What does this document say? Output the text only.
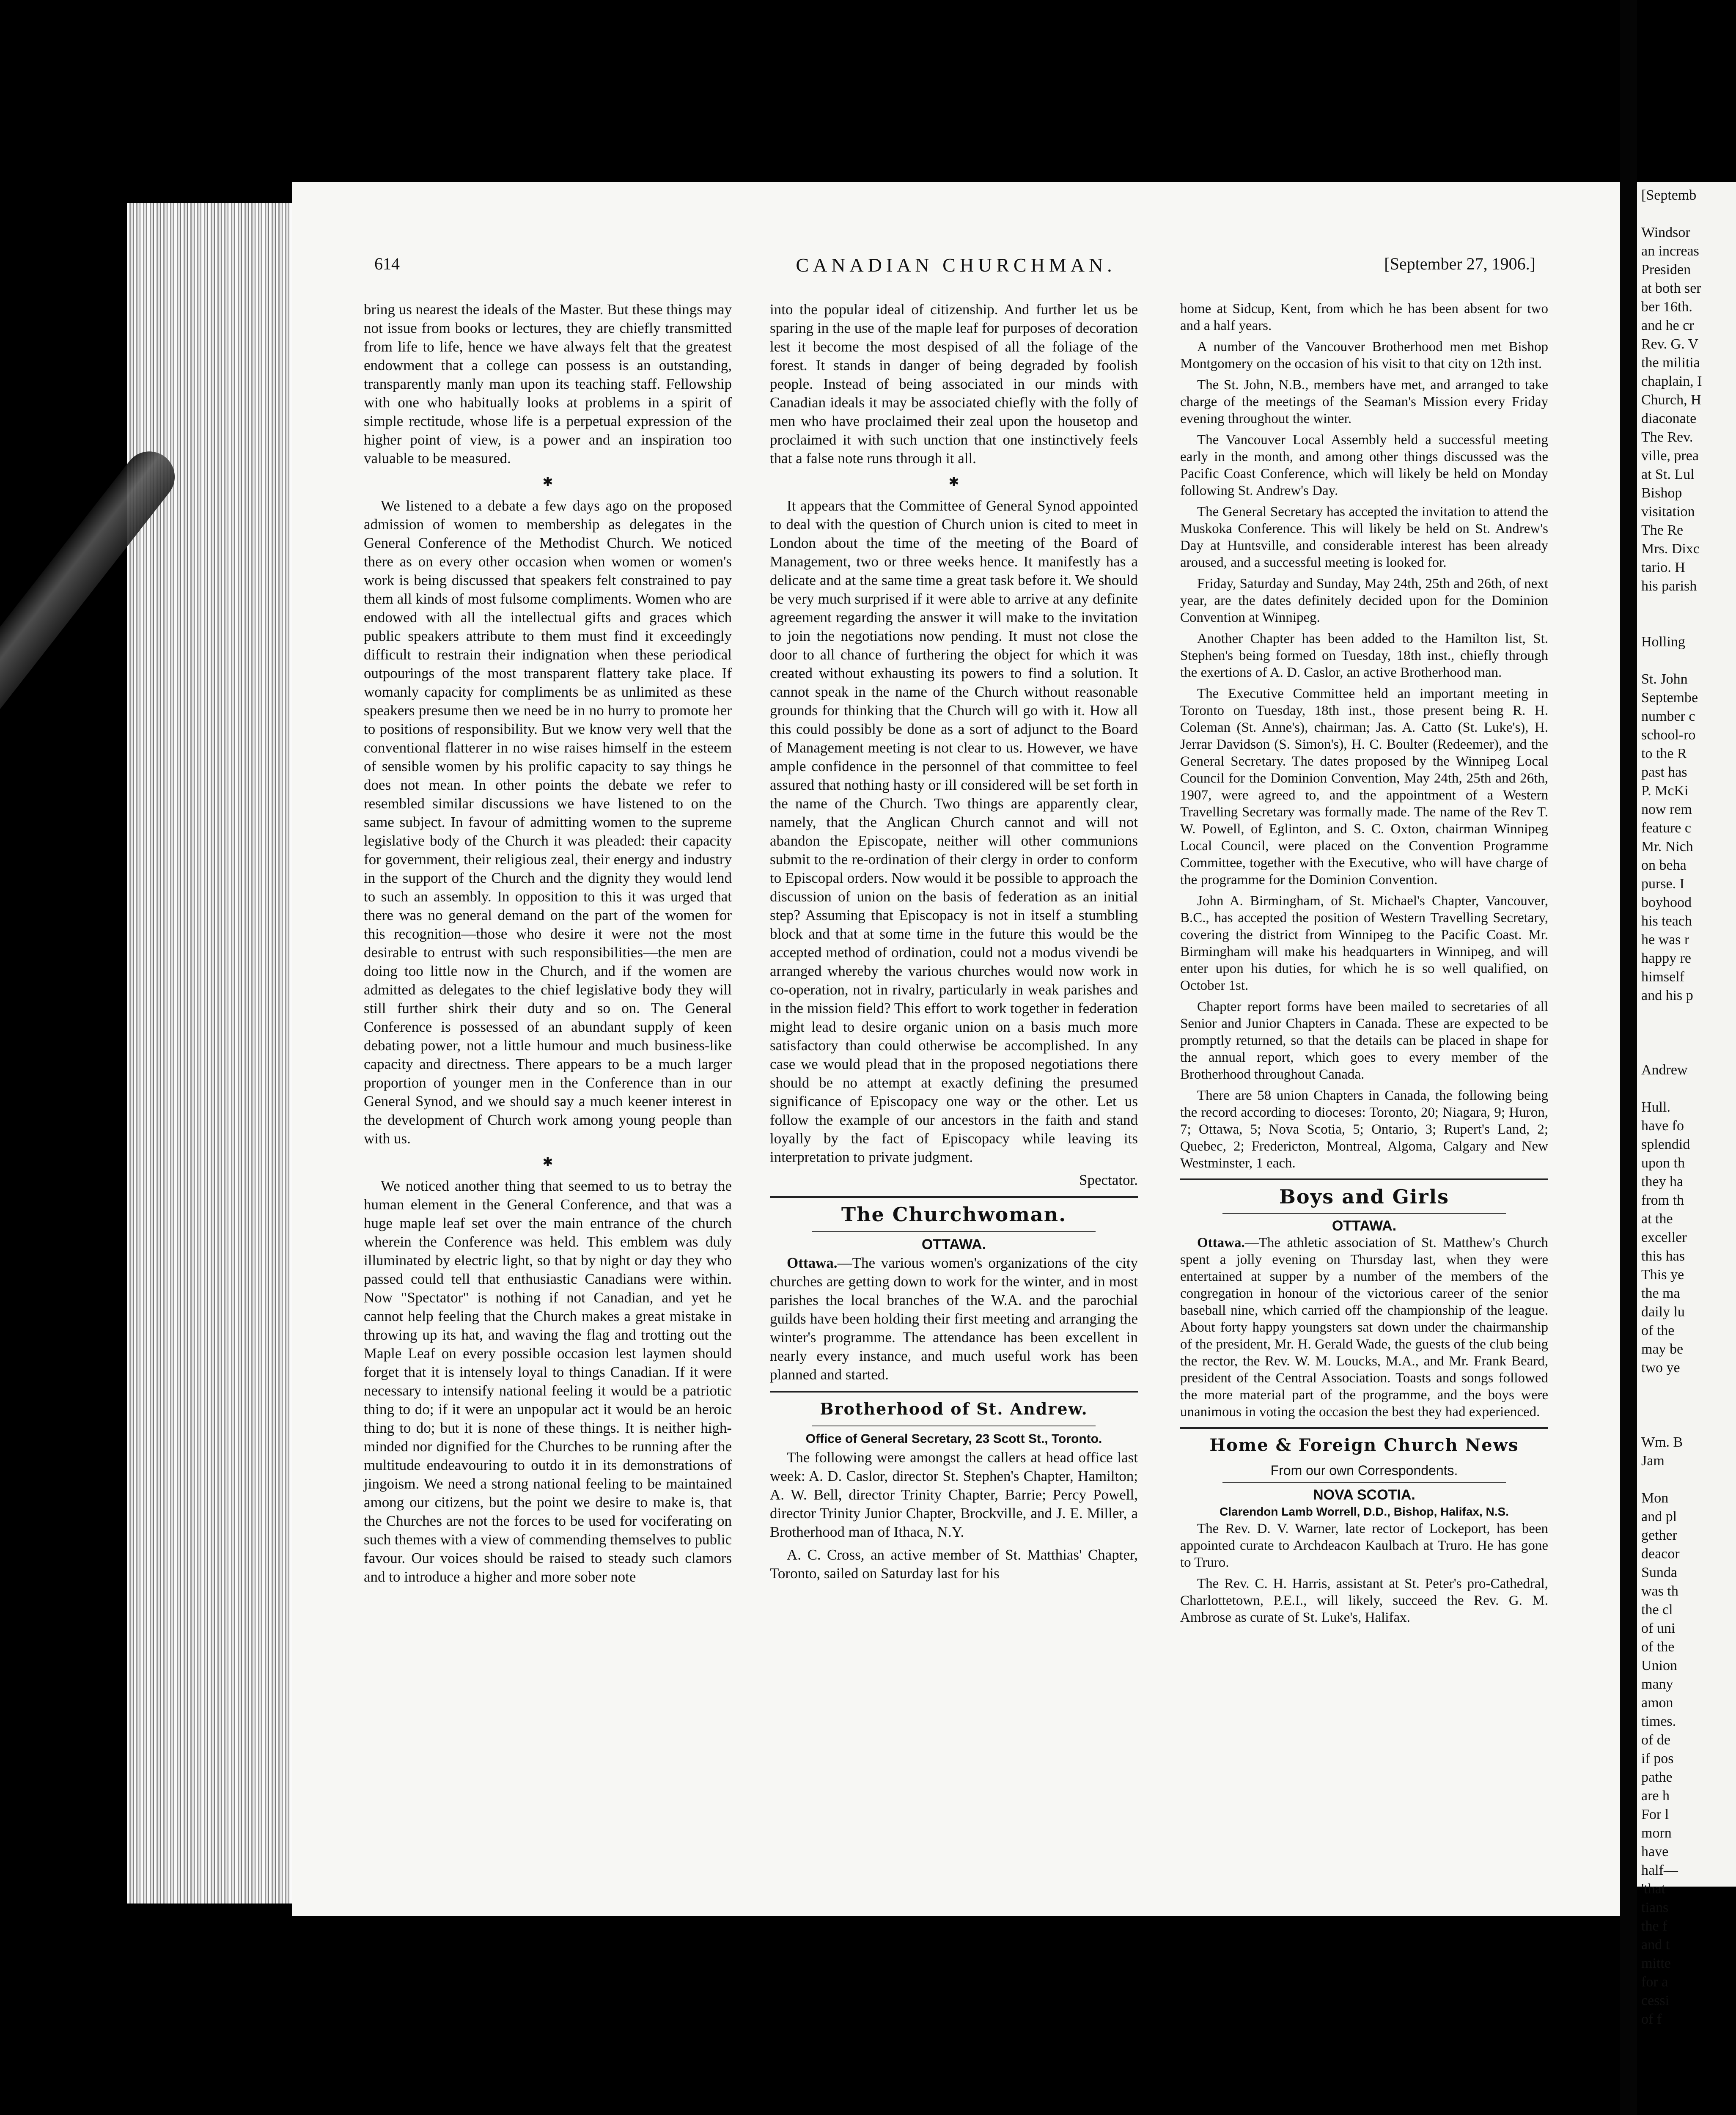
614	CANADIAN CHURCHMAN.	[September 27, 1906.]

bring us nearest the ideals of the Master. But these things may not issue from books or lectures, they are chiefly transmitted from life to life, hence we have always felt that the greatest endowment that a college can possess is an outstanding, transparently manly man upon its teaching staff. Fellowship with one who habitually looks at problems in a spirit of simple rectitude, whose life is a perpetual expression of the higher point of view, is a power and an inspiration too valuable to be measured.

✱

We listened to a debate a few days ago on the proposed admission of women to membership as delegates in the General Conference of the Methodist Church. We noticed there as on every other occasion when women or women's work is being discussed that speakers felt constrained to pay them all kinds of most fulsome compliments. Women who are endowed with all the intellectual gifts and graces which public speakers attribute to them must find it exceedingly difficult to restrain their indignation when these periodical outpourings of the most transparent flattery take place. If womanly capacity for compliments be as unlimited as these speakers presume then we need be in no hurry to promote her to positions of responsibility. But we know very well that the conventional flatterer in no wise raises himself in the esteem of sensible women by his prolific capacity to say things he does not mean. In other points the debate we refer to resembled similar discussions we have listened to on the same subject. In favour of admitting women to the supreme legislative body of the Church it was pleaded: their capacity for government, their religious zeal, their energy and industry in the support of the Church and the dignity they would lend to such an assembly. In opposition to this it was urged that there was no general demand on the part of the women for this recognition—those who desire it were not the most desirable to entrust with such responsibilities—the men are doing too little now in the Church, and if the women are admitted as delegates to the chief legislative body they will still further shirk their duty and so on. The General Conference is possessed of an abundant supply of keen debating power, not a little humour and much business-like capacity and directness. There appears to be a much larger proportion of younger men in the Conference than in our General Synod, and we should say a much keener interest in the development of Church work among young people than with us.

✱

We noticed another thing that seemed to us to betray the human element in the General Conference, and that was a huge maple leaf set over the main entrance of the church wherein the Conference was held. This emblem was duly illuminated by electric light, so that by night or day they who passed could tell that enthusiastic Canadians were within. Now "Spectator" is nothing if not Canadian, and yet he cannot help feeling that the Church makes a great mistake in throwing up its hat, and waving the flag and trotting out the Maple Leaf on every possible occasion lest laymen should forget that it is intensely loyal to things Canadian. If it were necessary to intensify national feeling it would be a patriotic thing to do; if it were an unpopular act it would be an heroic thing to do; but it is none of these things. It is neither high-minded nor dignified for the Churches to be running after the multitude endeavouring to outdo it in its demonstrations of jingoism. We need a strong national feeling to be maintained among our citizens, but the point we desire to make is, that the Churches are not the forces to be used for vociferating on such themes with a view of commending themselves to public favour. Our voices should be raised to steady such clamors and to introduce a higher and more sober note

into the popular ideal of citizenship. And further let us be sparing in the use of the maple leaf for purposes of decoration lest it become the most despised of all the foliage of the forest. It stands in danger of being degraded by foolish people. Instead of being associated in our minds with Canadian ideals it may be associated chiefly with the folly of men who have proclaimed their zeal upon the housetop and proclaimed it with such unction that one instinctively feels that a false note runs through it all.

✱

It appears that the Committee of General Synod appointed to deal with the question of Church union is cited to meet in London about the time of the meeting of the Board of Management, two or three weeks hence. It manifestly has a delicate and at the same time a great task before it. We should be very much surprised if it were able to arrive at any definite agreement regarding the answer it will make to the invitation to join the negotiations now pending. It must not close the door to all chance of furthering the object for which it was created without exhausting its powers to find a solution. It cannot speak in the name of the Church without reasonable grounds for thinking that the Church will go with it. How all this could possibly be done as a sort of adjunct to the Board of Management meeting is not clear to us. However, we have ample confidence in the personnel of that committee to feel assured that nothing hasty or ill considered will be set forth in the name of the Church. Two things are apparently clear, namely, that the Anglican Church cannot and will not abandon the Episcopate, neither will other communions submit to the re-ordination of their clergy in order to conform to Episcopal orders. Now would it be possible to approach the discussion of union on the basis of federation as an initial step? Assuming that Episcopacy is not in itself a stumbling block and that at some time in the future this would be the accepted method of ordination, could not a modus vivendi be arranged whereby the various churches would now work in co-operation, not in rivalry, particularly in weak parishes and in the mission field? This effort to work together in federation might lead to desire organic union on a basis much more satisfactory than could otherwise be accomplished. In any case we would plead that in the proposed negotiations there should be no attempt at exactly defining the presumed significance of Episcopacy one way or the other. Let us follow the example of our ancestors in the faith and stand loyally by the fact of Episcopacy while leaving its interpretation to private judgment.

Spectator.
The Churchwoman.
OTTAWA.

Ottawa.—The various women's organizations of the city churches are getting down to work for the winter, and in most parishes the local branches of the W.A. and the parochial guilds have been holding their first meeting and arranging the winter's programme. The attendance has been excellent in nearly every instance, and much useful work has been planned and started.

Brotherhood of St. Andrew.
Office of General Secretary, 23 Scott St., Toronto.

The following were amongst the callers at head office last week: A. D. Caslor, director St. Stephen's Chapter, Hamilton; A. W. Bell, director Trinity Chapter, Barrie; Percy Powell, director Trinity Junior Chapter, Brockville, and J. E. Miller, a Brotherhood man of Ithaca, N.Y.

A. C. Cross, an active member of St. Matthias' Chapter, Toronto, sailed on Saturday last for his

home at Sidcup, Kent, from which he has been absent for two and a half years.

A number of the Vancouver Brotherhood men met Bishop Montgomery on the occasion of his visit to that city on 12th inst.

The St. John, N.B., members have met, and arranged to take charge of the meetings of the Seaman's Mission every Friday evening throughout the winter.

The Vancouver Local Assembly held a successful meeting early in the month, and among other things discussed was the Pacific Coast Conference, which will likely be held on Monday following St. Andrew's Day.

The General Secretary has accepted the invitation to attend the Muskoka Conference. This will likely be held on St. Andrew's Day at Huntsville, and considerable interest has been already aroused, and a successful meeting is looked for.

Friday, Saturday and Sunday, May 24th, 25th and 26th, of next year, are the dates definitely decided upon for the Dominion Convention at Winnipeg.

Another Chapter has been added to the Hamilton list, St. Stephen's being formed on Tuesday, 18th inst., chiefly through the exertions of A. D. Caslor, an active Brotherhood man.

The Executive Committee held an important meeting in Toronto on Tuesday, 18th inst., those present being R. H. Coleman (St. Anne's), chairman; Jas. A. Catto (St. Luke's), H. Jerrar Davidson (S. Simon's), H. C. Boulter (Redeemer), and the General Secretary. The dates proposed by the Winnipeg Local Council for the Dominion Convention, May 24th, 25th and 26th, 1907, were agreed to, and the appointment of a Western Travelling Secretary was formally made. The name of the Rev T. W. Powell, of Eglinton, and S. C. Oxton, chairman Winnipeg Local Council, were placed on the Convention Programme Committee, together with the Executive, who will have charge of the programme for the Dominion Convention.

John A. Birmingham, of St. Michael's Chapter, Vancouver, B.C., has accepted the position of Western Travelling Secretary, covering the district from Winnipeg to the Pacific Coast. Mr. Birmingham will make his headquarters in Winnipeg, and will enter upon his duties, for which he is so well qualified, on October 1st.

Chapter report forms have been mailed to secretaries of all Senior and Junior Chapters in Canada. These are expected to be promptly returned, so that the details can be placed in shape for the annual report, which goes to every member of the Brotherhood throughout Canada.

There are 58 union Chapters in Canada, the following being the record according to dioceses: Toronto, 20; Niagara, 9; Huron, 7; Ottawa, 5; Nova Scotia, 5; Ontario, 3; Rupert's Land, 2; Quebec, 2; Fredericton, Montreal, Algoma, Calgary and New Westminster, 1 each.

Boys and Girls
OTTAWA.

Ottawa.—The athletic association of St. Matthew's Church spent a jolly evening on Thursday last, when they were entertained at supper by a number of the members of the congregation in honour of the victorious career of the senior baseball nine, which carried off the championship of the league. About forty happy youngsters sat down under the chairmanship of the president, Mr. H. Gerald Wade, the guests of the club being the rector, the Rev. W. M. Loucks, M.A., and Mr. Frank Beard, president of the Central Association. Toasts and songs followed the more material part of the programme, and the boys were unanimous in voting the occasion the best they had experienced.

Home & Foreign Church News
From our own Correspondents.
NOVA SCOTIA.
Clarendon Lamb Worrell, D.D., Bishop, Halifax, N.S.

The Rev. D. V. Warner, late rector of Lockeport, has been appointed curate to Archdeacon Kaulbach at Truro. He has gone to Truro.

The Rev. C. H. Harris, assistant at St. Peter's pro-Cathedral, Charlottetown, P.E.I., will likely, succeed the Rev. G. M. Ambrose as curate of St. Luke's, Halifax.

[Septemb

Windsor
an increas
Presiden
at both ser
ber 16th.
and he cr
Rev. G. V
the militia
chaplain, I
Church, H
diaconate
The Rev.
ville, prea
at St. Lul
Bishop
visitation
The Re
Mrs. Dixc
tario. H
his parish

Holling

St. John
Septembe
number c
school-ro
to the R
past has
P. McKi
now rem
feature c
Mr. Nich
on beha
purse. I
boyhood
his teach
he was r
happy re
himself
and his p

Andrew

Hull.
have fo
splendid
upon th
they ha
from th
at the
exceller
this has
This ye
the ma
daily lu
of the
may be
two ye

Wm. B
Jam

Mon
and pl
gether
deacor
Sunda
was th
the cl
of uni
of the
Union
many
amon
times.
of de
if pos
pathe
are h
For l
morn
have
half—
'that
tians
the f
and t
mitte
for a
cessi
of f
